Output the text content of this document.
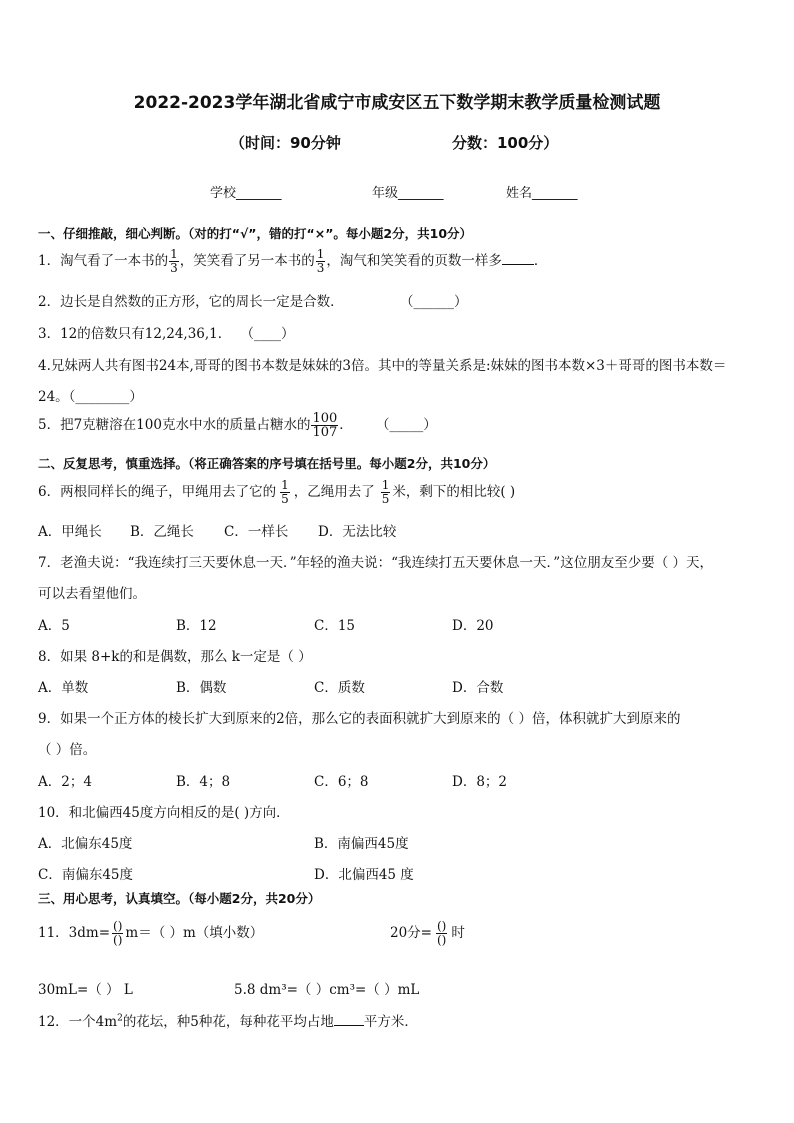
2022-2023学年湖北省咸宁市咸安区五下数学期末教学质量检测试题
（时间：90分钟	分数：100分）
学校_______	年级_______	姓名_______
一、仔细推敲，细心判断。（对的打“√”，错的打“×”。每小题2分，共10分）
1．淘气看了一本书的 $\frac{1}{3}$ ，笑笑看了另一本书的 $\frac{1}{3}$ ，淘气和笑笑看的页数一样多 ．
2．边长是自然数的正方形，它的周长一定是合数．	（______）
3．12的倍数只有12,24,36,1． （____）
4.兄妹两人共有图书24本,哥哥的图书本数是妹妹的3倍。其中的等量关系是:妹妹的图书本数×3＋哥哥的图书本数＝
24。（________）
5．把7克糖溶在100克水中水的质量占糖水的 $\frac{100}{107}$ ． （_____）
二、反复思考，慎重选择。（将正确答案的序号填在括号里。每小题2分，共10分）
6．两根同样长的绳子，甲绳用去了它的 $\frac{1}{5}$ ，乙绳用去了 $\frac{1}{5}$ 米，剩下的相比较( )
A．甲绳长 B．乙绳长 C．一样长 D．无法比较
7．老渔夫说：“我连续打三天要休息一天．”年轻的渔夫说：“我连续打五天要休息一天．”这位朋友至少要（ ）天，
可以去看望他们。
A．5	B．12	C．15	D．20
8．如果 8+k的和是偶数，那么 k一定是（ ）
A．单数	B．偶数	C．质数	D．合数
9．如果一个正方体的棱长扩大到原来的2倍，那么它的表面积就扩大到原来的（ ）倍，体积就扩大到原来的
（ ）倍。
A．2；4	B．4；8	C．6；8	D．8；2
10．和北偏西45度方向相反的是( )方向．
A．北偏东45度	B．南偏西45度
C．南偏东45度	D．北偏西45 度
三、用心思考，认真填空。（每小题2分，共20分）
11．$3dm= \frac{()}{()} m=$（ ）m（填小数）	20分= $\frac{()}{()}$ 时
30mL=（ ） L	5.8 dm³=（ ）cm³=（ ）mL
12．一个$4m^2$的花坛，种5种花，每种花平均占地 平方米．
